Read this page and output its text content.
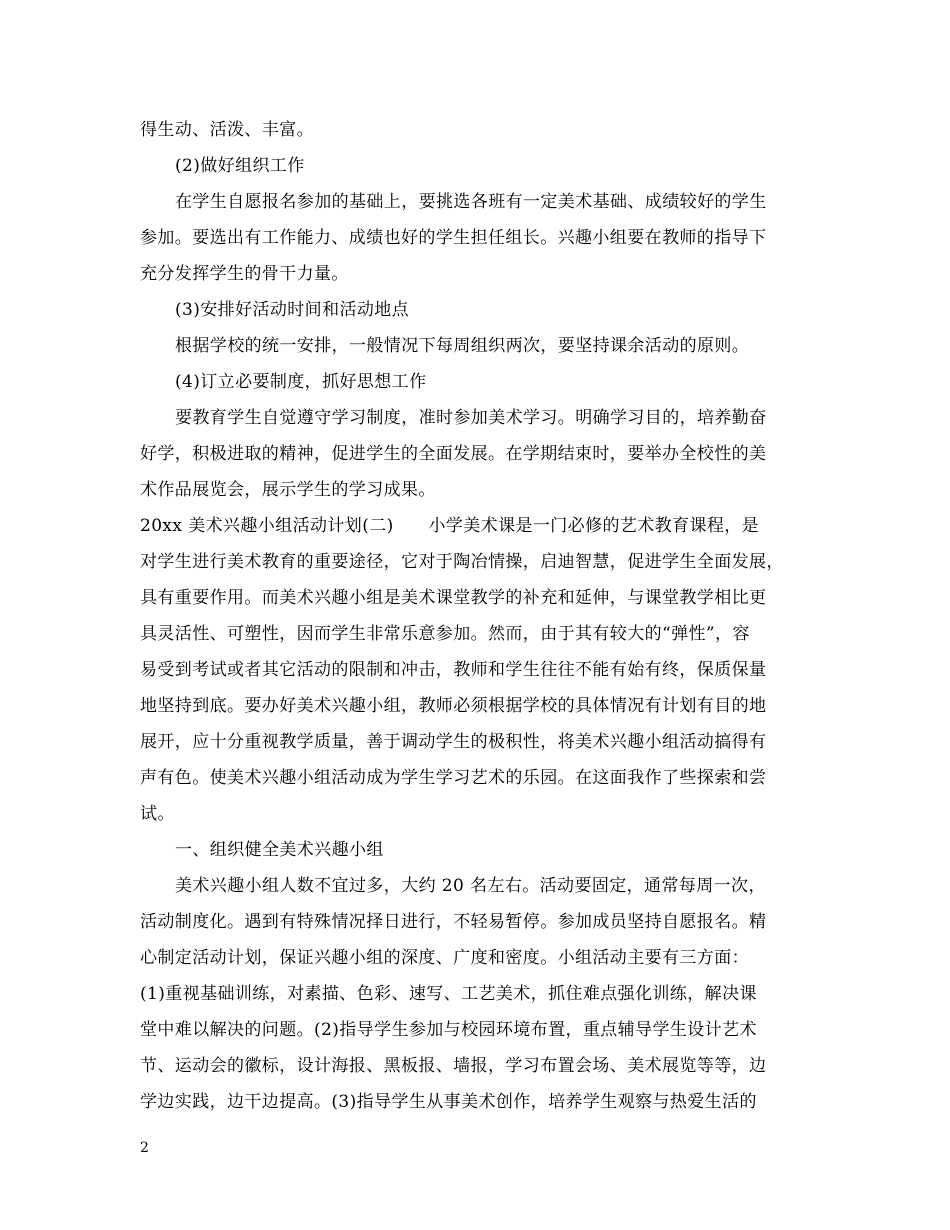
得生动、活泼、丰富。
(2)做好组织工作
在学生自愿报名参加的基础上，要挑选各班有一定美术基础、成绩较好的学生
参加。要选出有工作能力、成绩也好的学生担任组长。兴趣小组要在教师的指导下
充分发挥学生的骨干力量。
(3)安排好活动时间和活动地点
根据学校的统一安排，一般情况下每周组织两次，要坚持课余活动的原则。
(4)订立必要制度，抓好思想工作
要教育学生自觉遵守学习制度，准时参加美术学习。明确学习目的，培养勤奋
好学，积极进取的精神，促进学生的全面发展。在学期结束时，要举办全校性的美
术作品展览会，展示学生的学习成果。
20xx 美术兴趣小组活动计划(二)　　小学美术课是一门必修的艺术教育课程，是
对学生进行美术教育的重要途径，它对于陶冶情操，启迪智慧，促进学生全面发展，
具有重要作用。而美术兴趣小组是美术课堂教学的补充和延伸，与课堂教学相比更
具灵活性、可塑性，因而学生非常乐意参加。然而，由于其有较大的“弹性”，容
易受到考试或者其它活动的限制和冲击，教师和学生往往不能有始有终，保质保量
地坚持到底。要办好美术兴趣小组，教师必须根据学校的具体情况有计划有目的地
展开，应十分重视教学质量，善于调动学生的极积性，将美术兴趣小组活动搞得有
声有色。使美术兴趣小组活动成为学生学习艺术的乐园。在这面我作了些探索和尝
试。
一、组织健全美术兴趣小组
美术兴趣小组人数不宜过多，大约 20 名左右。活动要固定，通常每周一次，
活动制度化。遇到有特殊情况择日进行，不轻易暂停。参加成员坚持自愿报名。精
心制定活动计划，保证兴趣小组的深度、广度和密度。小组活动主要有三方面：
(1)重视基础训练，对素描、色彩、速写、工艺美术，抓住难点强化训练，解决课
堂中难以解决的问题。(2)指导学生参加与校园环境布置，重点辅导学生设计艺术
节、运动会的徽标，设计海报、黑板报、墙报，学习布置会场、美术展览等等，边
学边实践，边干边提高。(3)指导学生从事美术创作，培养学生观察与热爱生活的
2
